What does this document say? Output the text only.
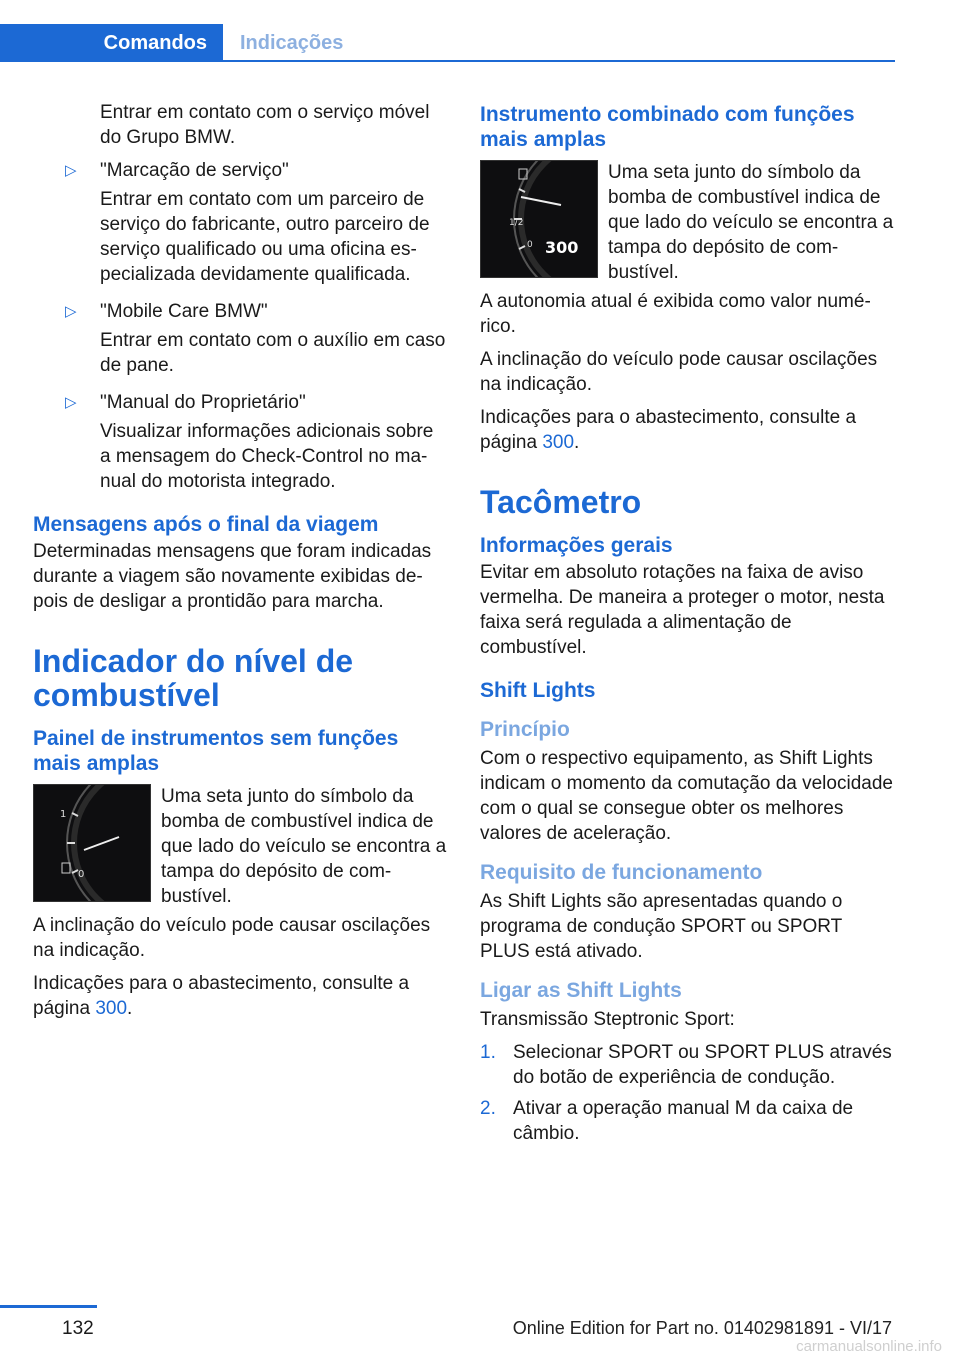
Comandos	Indicações

Entrar em contato com o serviço móvel do Grupo BMW.

▷ "Marcação de serviço"

Entrar em contato com um parceiro de serviço do fabricante, outro parceiro de serviço qualificado ou uma oficina especializada devidamente qualificada.

▷ "Mobile Care BMW"

Entrar em contato com o auxílio em caso de pane.

▷ "Manual do Proprietário"

Visualizar informações adicionais sobre a mensagem do Check-Control no manual do motorista integrado.

Mensagens após o final da viagem

Determinadas mensagens que foram indicadas durante a viagem são novamente exibidas depois de desligar a prontidão para marcha.

Indicador do nível de combustível
Painel de instrumentos sem funções mais amplas
1
0
Uma seta junto do símbolo da bomba de combustível indica de que lado do veículo se encontra a tampa do depósito de combustível.

A inclinação do veículo pode causar oscilações na indicação.

Indicações para o abastecimento, consulte a página 300.

Instrumento combinado com funções mais amplas
1/2
0 300
Uma seta junto do símbolo da bomba de combustível indica de que lado do veículo se encontra a tampa do depósito de combustível.

A autonomia atual é exibida como valor numérico.

A inclinação do veículo pode causar oscilações na indicação.

Indicações para o abastecimento, consulte a página 300.

Tacômetro
Informações gerais

Evitar em absoluto rotações na faixa de aviso vermelha. De maneira a proteger o motor, nesta faixa será regulada a alimentação de combustível.

Shift Lights
Princípio

Com o respectivo equipamento, as Shift Lights indicam o momento da comutação da velocidade com o qual se consegue obter os melhores valores de aceleração.

Requisito de funcionamento

As Shift Lights são apresentadas quando o programa de condução SPORT ou SPORT PLUS está ativado.

Ligar as Shift Lights

Transmissão Steptronic Sport:

1. Selecionar SPORT ou SPORT PLUS através do botão de experiência de condução.
2. Ativar a operação manual M da caixa de câmbio.
132	Online Edition for Part no. 01402981891 - VI/17
carmanualsonline.info
